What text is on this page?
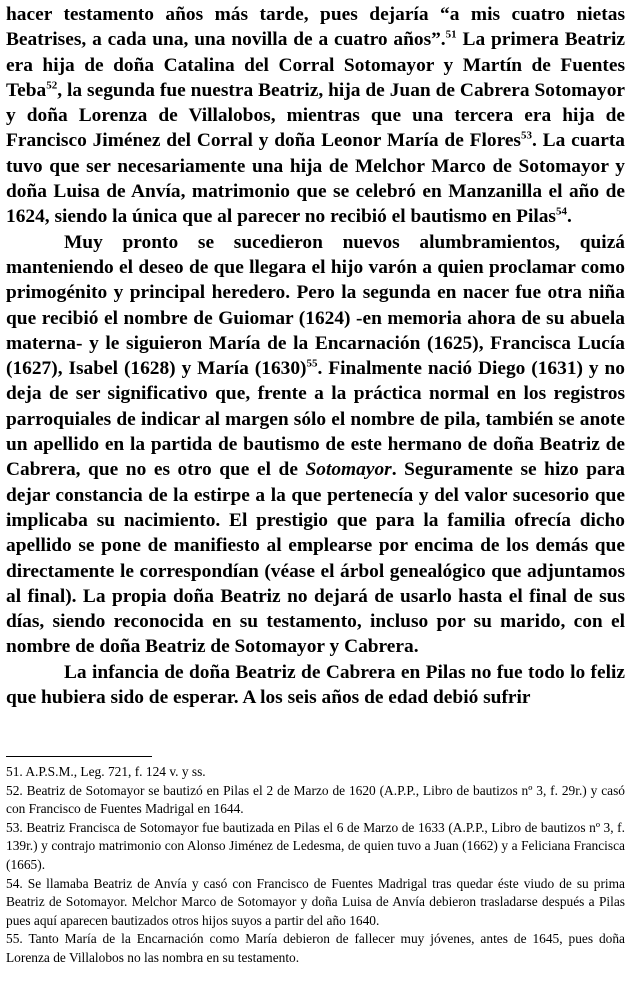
hacer testamento años más tarde, pues dejaría “a mis cuatro nietas Beatrises, a cada una, una novilla de a cuatro años”.$^{51}$ La primera Beatriz era hija de doña Catalina del Corral Sotomayor y Martín de Fuentes Teba$^{52}$, la segunda fue nuestra Beatriz, hija de Juan de Cabrera Sotomayor y doña Lorenza de Villalobos, mientras que una tercera era hija de Francisco Jiménez del Corral y doña Leonor María de Flores$^{53}$. La cuarta tuvo que ser necesariamente una hija de Melchor Marco de Sotomayor y doña Luisa de Anvía, matrimonio que se celebró en Manzanilla el año de 1624, siendo la única que al parecer no recibió el bautismo en Pilas$^{54}$.

Muy pronto se sucedieron nuevos alumbramientos, quizá manteniendo el deseo de que llegara el hijo varón a quien proclamar como primogénito y principal heredero. Pero la segunda en nacer fue otra niña que recibió el nombre de Guiomar (1624) -en memoria ahora de su abuela materna- y le siguieron María de la Encarnación (1625), Francisca Lucía (1627), Isabel (1628) y María (1630)$^{55}$. Finalmente nació Diego (1631) y no deja de ser significativo que, frente a la práctica normal en los registros parroquiales de indicar al margen sólo el nombre de pila, también se anote un apellido en la partida de bautismo de este hermano de doña Beatriz de Cabrera, que no es otro que el de Sotomayor. Seguramente se hizo para dejar constancia de la estirpe a la que pertenecía y del valor sucesorio que implicaba su nacimiento. El prestigio que para la familia ofrecía dicho apellido se pone de manifiesto al emplearse por encima de los demás que directamente le correspondían (véase el árbol genealógico que adjuntamos al final). La propia doña Beatriz no dejará de usarlo hasta el final de sus días, siendo reconocida en su testamento, incluso por su marido, con el nombre de doña Beatriz de Sotomayor y Cabrera.

La infancia de doña Beatriz de Cabrera en Pilas no fue todo lo feliz que hubiera sido de esperar. A los seis años de edad debió sufrir

51. A.P.S.M., Leg. 721, f. 124 v. y ss.

52. Beatriz de Sotomayor se bautizó en Pilas el 2 de Marzo de 1620 (A.P.P., Libro de bautizos nº 3, f. 29r.) y casó con Francisco de Fuentes Madrigal en 1644.

53. Beatriz Francisca de Sotomayor fue bautizada en Pilas el 6 de Marzo de 1633 (A.P.P., Libro de bautizos nº 3, f. 139r.) y contrajo matrimonio con Alonso Jiménez de Ledesma, de quien tuvo a Juan (1662) y a Feliciana Francisca (1665).

54. Se llamaba Beatriz de Anvía y casó con Francisco de Fuentes Madrigal tras quedar éste viudo de su prima Beatriz de Sotomayor. Melchor Marco de Sotomayor y doña Luisa de Anvía debieron trasladarse después a Pilas pues aquí aparecen bautizados otros hijos suyos a partir del año 1640.

55. Tanto María de la Encarnación como María debieron de fallecer muy jóvenes, antes de 1645, pues doña Lorenza de Villalobos no las nombra en su testamento.
